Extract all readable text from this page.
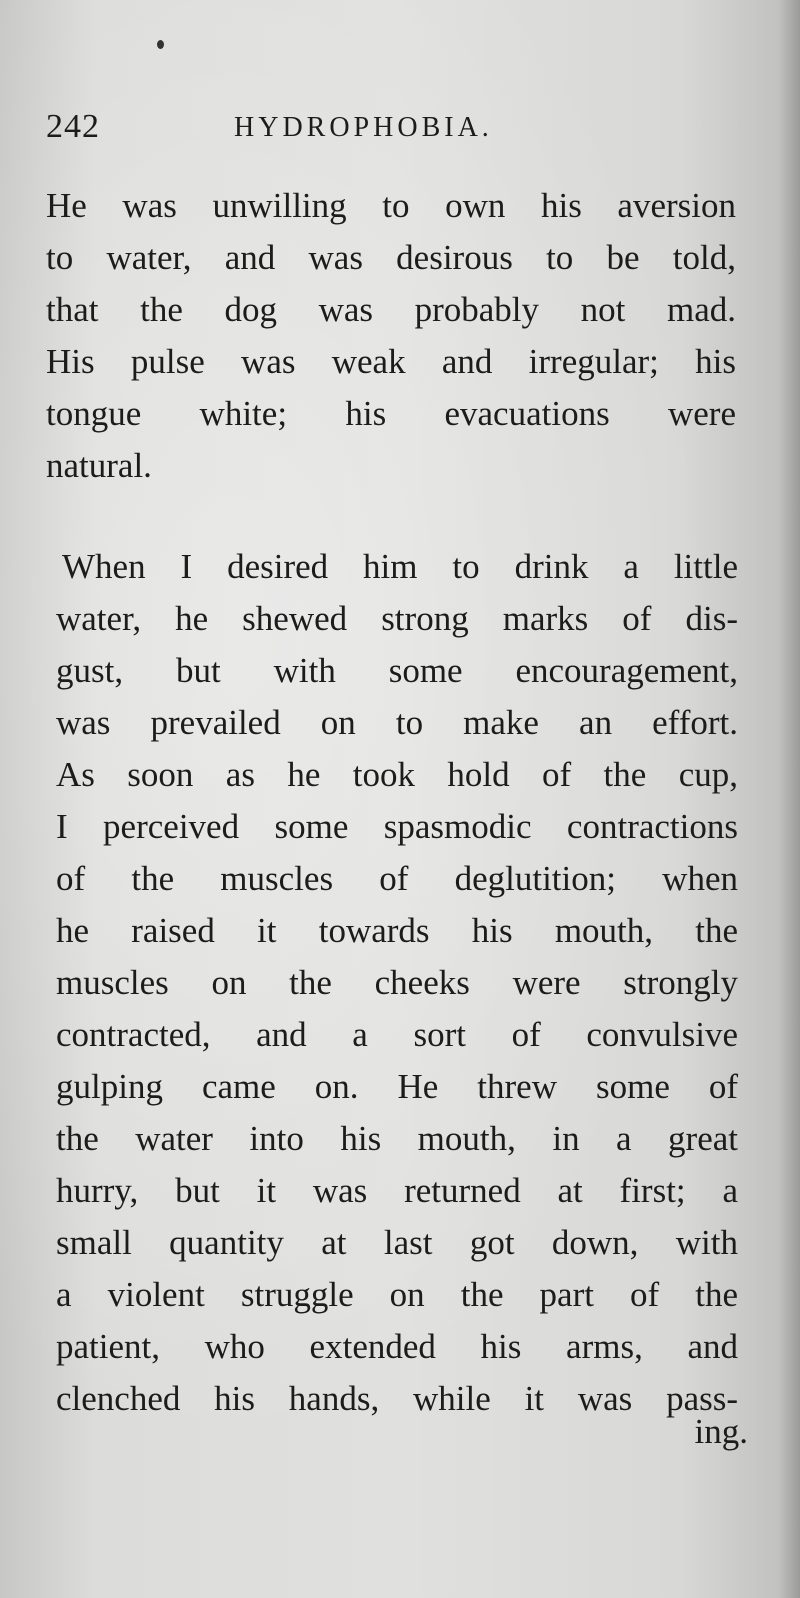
242	HYDROPHOBIA.
He was unwilling to own his aversion
to water, and was desirous to be told,
that the dog was probably not mad.
His pulse was weak and irregular; his
tongue white; his evacuations were
natural.
When I desired him to drink a little
water, he shewed strong marks of dis-
gust, but with some encouragement,
was prevailed on to make an effort.
As soon as he took hold of the cup,
I perceived some spasmodic contractions
of the muscles of deglutition; when
he raised it towards his mouth, the
muscles on the cheeks were strongly
contracted, and a sort of convulsive
gulping came on. He threw some of
the water into his mouth, in a great
hurry, but it was returned at first; a
small quantity at last got down, with
a violent struggle on the part of the
patient, who extended his arms, and
clenched his hands, while it was pass-
ing.
